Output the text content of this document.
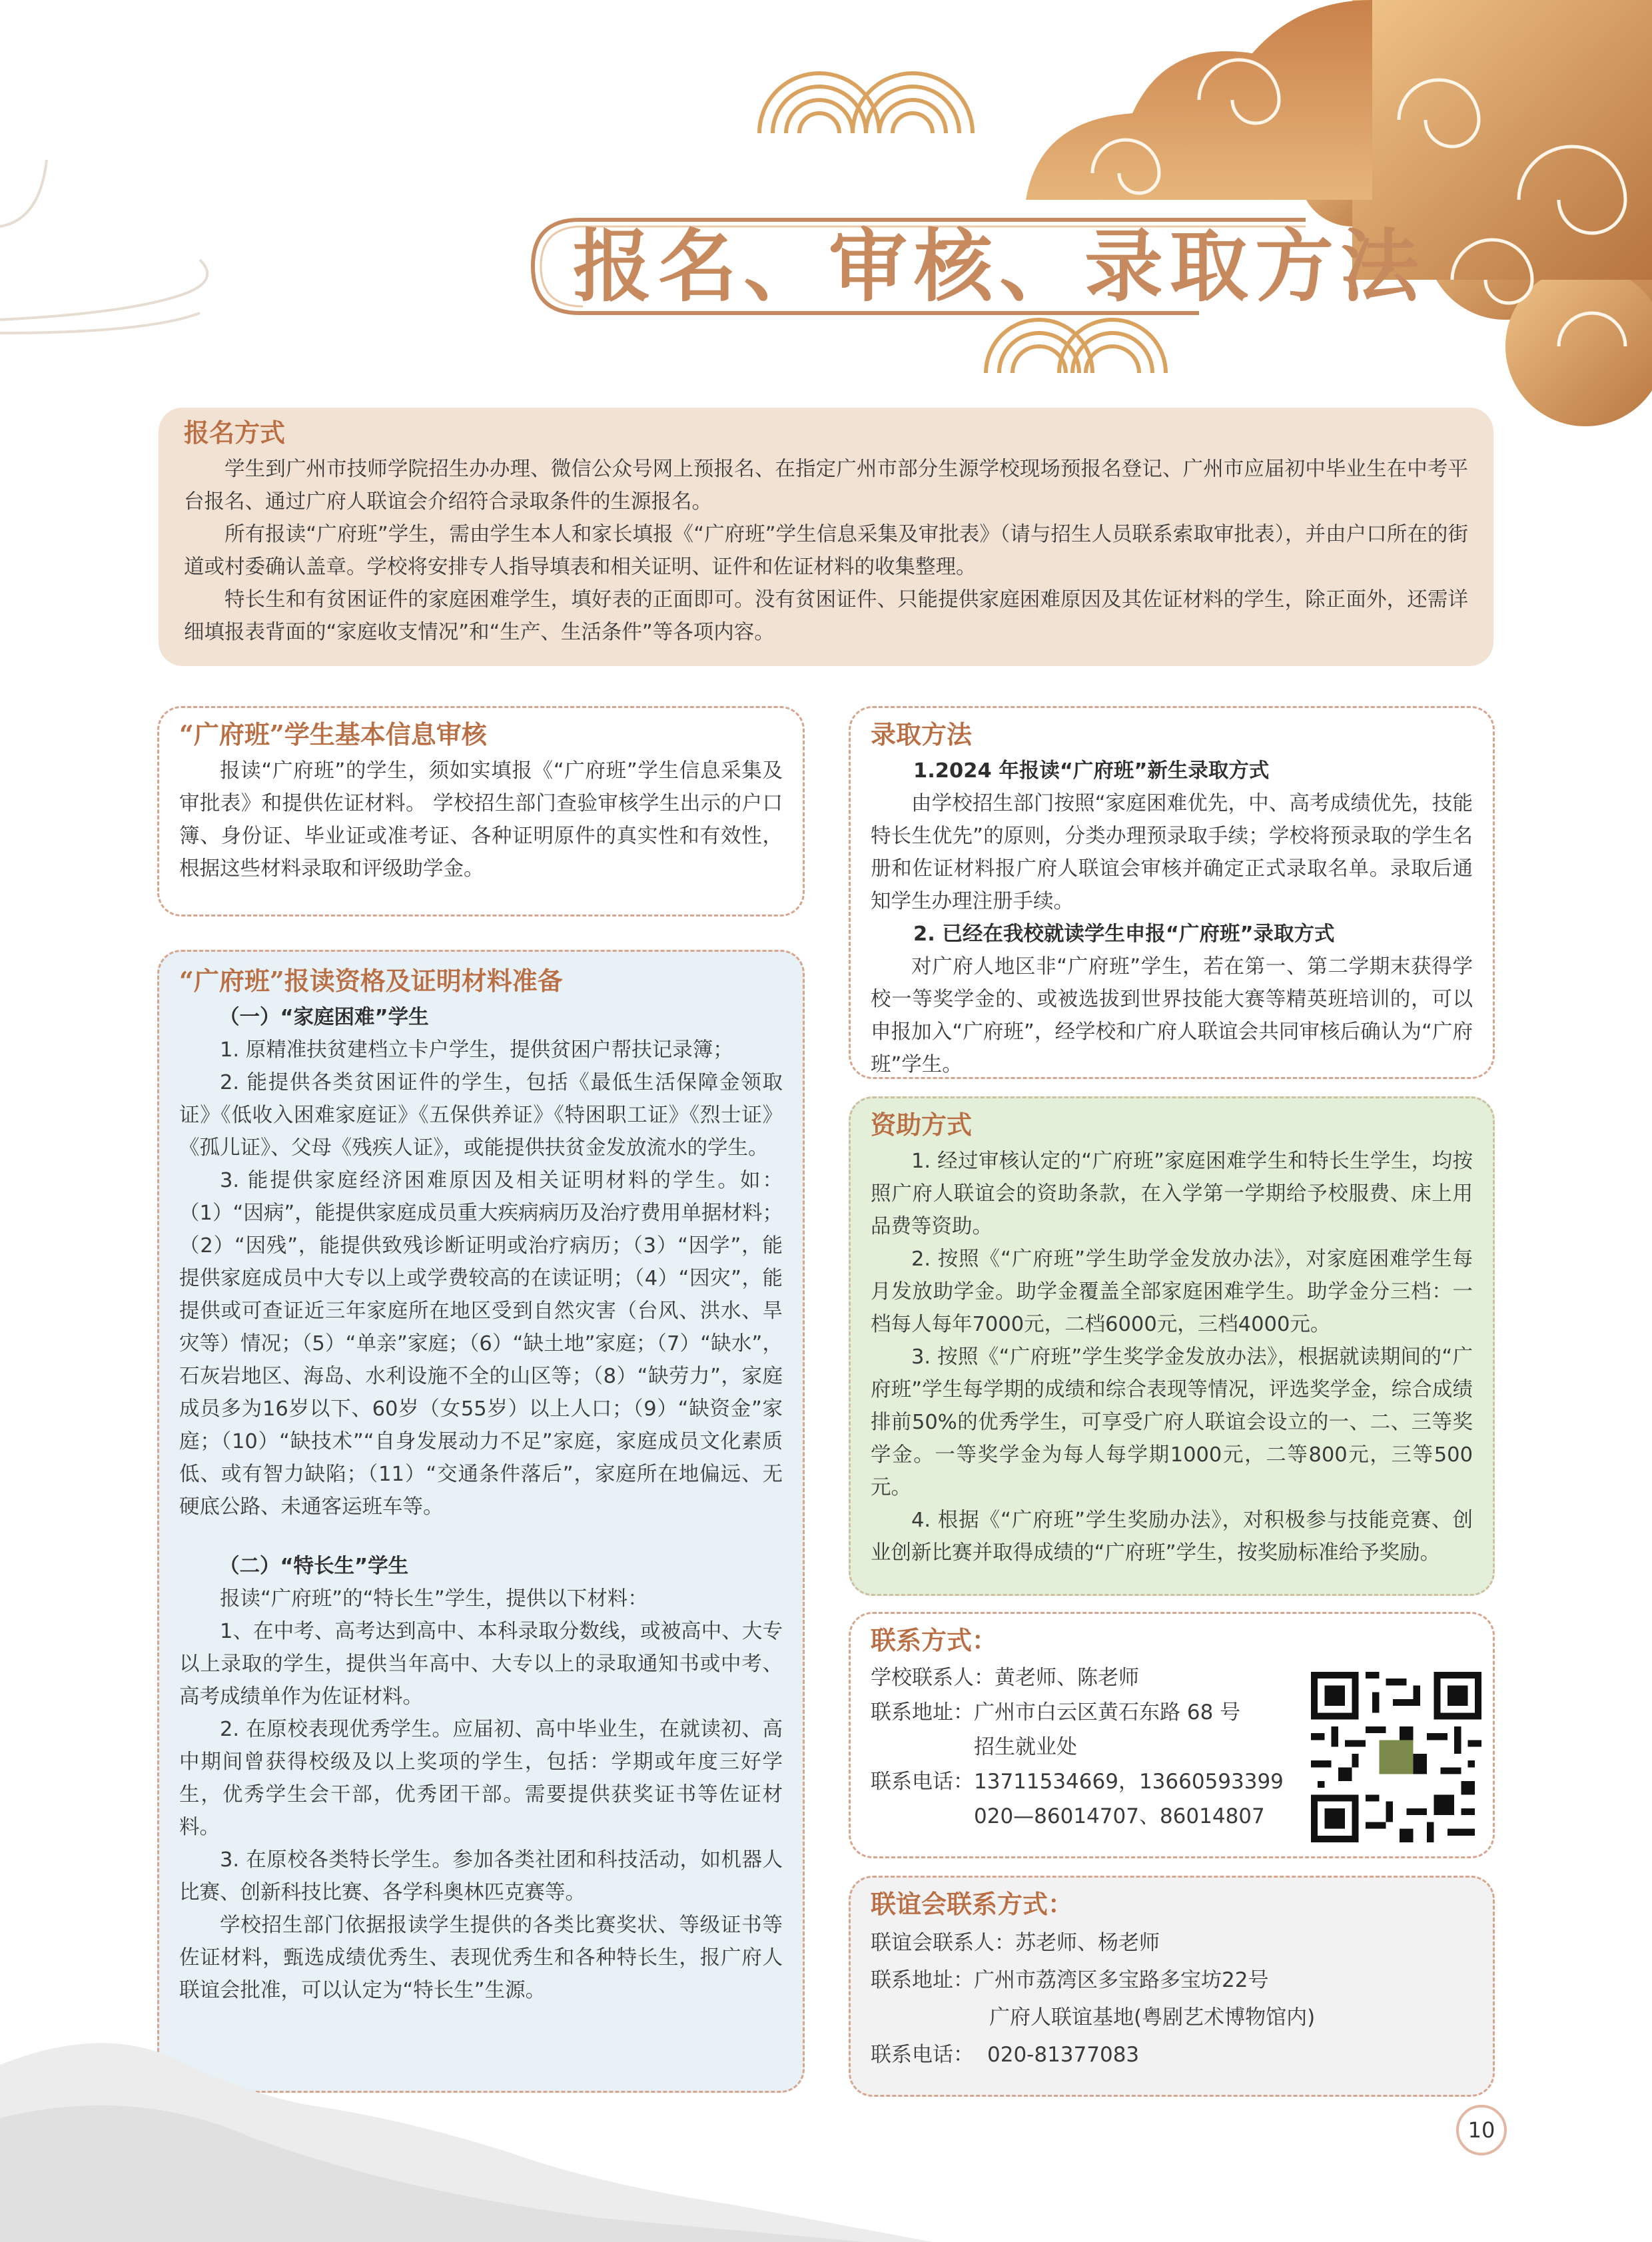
报名、审核、录取方法

报名方式

学生到广州市技师学院招生办办理、微信公众号网上预报名、在指定广州市部分生源学校现场预报名登记、广州市应届初中毕业生在中考平台报名、通过广府人联谊会介绍符合录取条件的生源报名。

所有报读“广府班”学生，需由学生本人和家长填报《“广府班”学生信息采集及审批表》（请与招生人员联系索取审批表），并由户口所在的街道或村委确认盖章。学校将安排专人指导填表和相关证明、证件和佐证材料的收集整理。

特长生和有贫困证件的家庭困难学生，填好表的正面即可。没有贫困证件、只能提供家庭困难原因及其佐证材料的学生，除正面外，还需详细填报表背面的“家庭收支情况”和“生产、生活条件”等各项内容。

“广府班”学生基本信息审核

报读“广府班”的学生，须如实填报《“广府班”学生信息采集及审批表》和提供佐证材料。 学校招生部门查验审核学生出示的户口簿、身份证、毕业证或准考证、各种证明原件的真实性和有效性，根据这些材料录取和评级助学金。

“广府班”报读资格及证明材料准备

（一）“家庭困难”学生

1. 原精准扶贫建档立卡户学生，提供贫困户帮扶记录簿；

2. 能提供各类贫困证件的学生，包括《最低生活保障金领取证》《低收入困难家庭证》《五保供养证》《特困职工证》《烈士证》《孤儿证》、父母《残疾人证》，或能提供扶贫金发放流水的学生。

3. 能提供家庭经济困难原因及相关证明材料的学生。如：（1）“因病”，能提供家庭成员重大疾病病历及治疗费用单据材料；（2）“因残”，能提供致残诊断证明或治疗病历；（3）“因学”，能提供家庭成员中大专以上或学费较高的在读证明；（4）“因灾”，能提供或可查证近三年家庭所在地区受到自然灾害（台风、洪水、旱灾等）情况；（5）“单亲”家庭；（6）“缺土地”家庭；（7）“缺水”，石灰岩地区、海岛、水利设施不全的山区等；（8）“缺劳力”，家庭成员多为16岁以下、60岁（女55岁）以上人口；（9）“缺资金”家庭；（10）“缺技术”“自身发展动力不足”家庭，家庭成员文化素质低、或有智力缺陷；（11）“交通条件落后”，家庭所在地偏远、无硬底公路、未通客运班车等。

（二）“特长生”学生

报读“广府班”的“特长生”学生，提供以下材料：

1、在中考、高考达到高中、本科录取分数线，或被高中、大专以上录取的学生，提供当年高中、大专以上的录取通知书或中考、高考成绩单作为佐证材料。

2. 在原校表现优秀学生。应届初、高中毕业生，在就读初、高中期间曾获得校级及以上奖项的学生，包括：学期或年度三好学生，优秀学生会干部，优秀团干部。需要提供获奖证书等佐证材料。

3. 在原校各类特长学生。参加各类社团和科技活动，如机器人比赛、创新科技比赛、各学科奥林匹克赛等。

学校招生部门依据报读学生提供的各类比赛奖状、等级证书等佐证材料，甄选成绩优秀生、表现优秀生和各种特长生，报广府人联谊会批准，可以认定为“特长生”生源。

录取方法

1.2024 年报读“广府班”新生录取方式

由学校招生部门按照“家庭困难优先，中、高考成绩优先，技能特长生优先”的原则，分类办理预录取手续；学校将预录取的学生名册和佐证材料报广府人联谊会审核并确定正式录取名单。录取后通知学生办理注册手续。

2. 已经在我校就读学生申报“广府班”录取方式

对广府人地区非“广府班”学生，若在第一、第二学期末获得学校一等奖学金的、或被选拔到世界技能大赛等精英班培训的，可以申报加入“广府班”，经学校和广府人联谊会共同审核后确认为“广府班”学生。

资助方式

1. 经过审核认定的“广府班”家庭困难学生和特长生学生，均按照广府人联谊会的资助条款，在入学第一学期给予校服费、床上用品费等资助。

2. 按照《“广府班”学生助学金发放办法》，对家庭困难学生每月发放助学金。助学金覆盖全部家庭困难学生。助学金分三档：一档每人每年7000元，二档6000元，三档4000元。

3. 按照《“广府班”学生奖学金发放办法》，根据就读期间的“广府班”学生每学期的成绩和综合表现等情况，评选奖学金，综合成绩排前50%的优秀学生，可享受广府人联谊会设立的一、二、三等奖学金。一等奖学金为每人每学期1000元，二等800元，三等500元。

4. 根据《“广府班”学生奖励办法》，对积极参与技能竞赛、创业创新比赛并取得成绩的“广府班”学生，按奖励标准给予奖励。

联系方式：

学校联系人：黄老师、陈老师

联系地址：广州市白云区黄石东路 68 号

招生就业处

联系电话：13711534669，13660593399

020—86014707、86014807

联谊会联系方式：

联谊会联系人：苏老师、杨老师

联系地址：广州市荔湾区多宝路多宝坊22号

广府人联谊基地(粤剧艺术博物馆内)

联系电话： 020-81377083

10
